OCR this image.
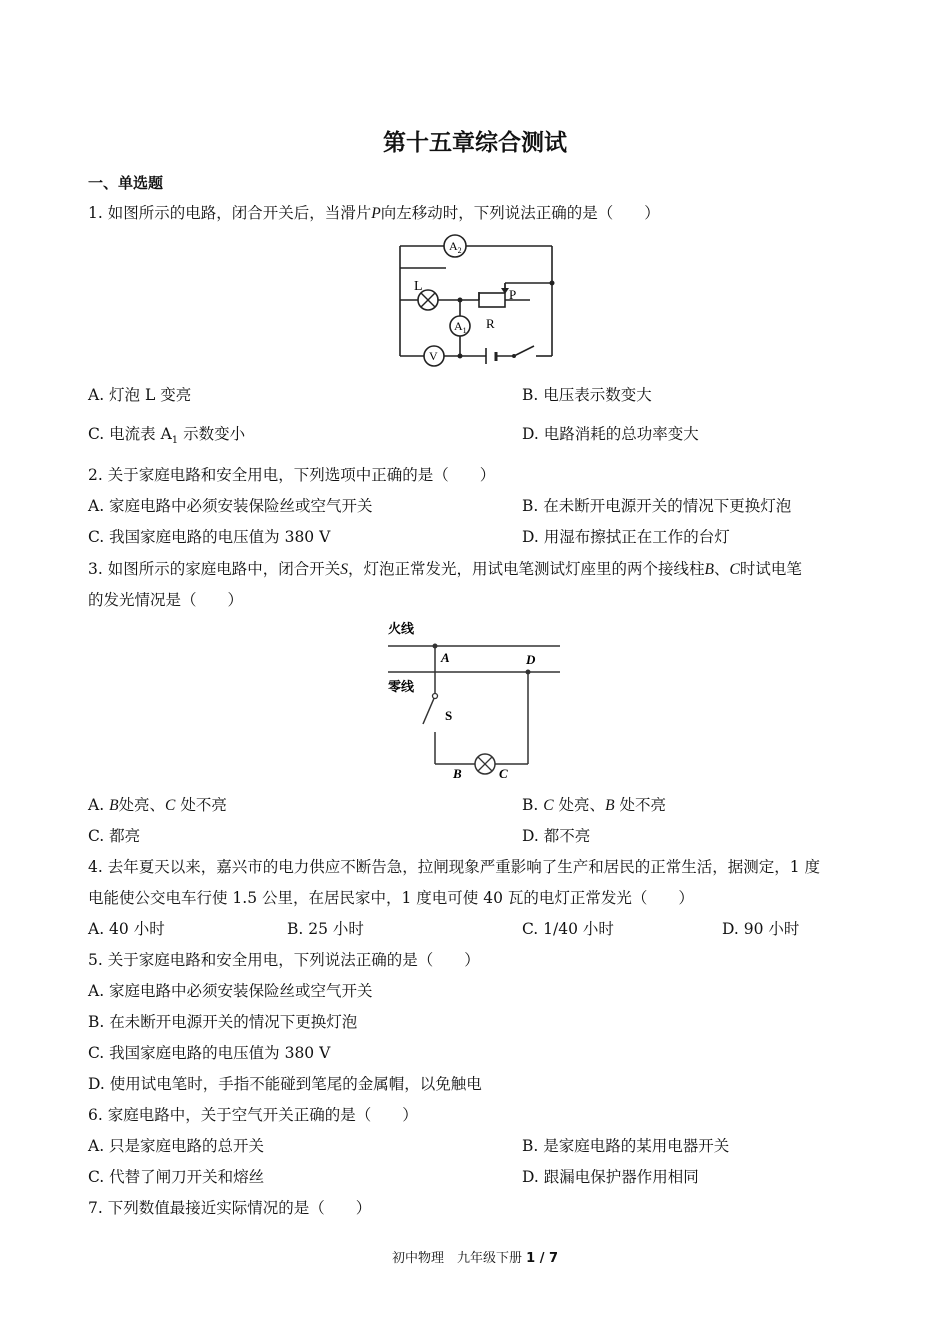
第十五章综合测试
一、单选题
1. 如图所示的电路，闭合开关后，当滑片P向左移动时，下列说法正确的是（　　）
$A_2$
$A_1$
L
P
R
V
A. 灯泡 L 变亮	B. 电压表示数变大
C. 电流表 $A_1$ 示数变小	D. 电路消耗的总功率变大
2. 关于家庭电路和安全用电，下列选项中正确的是（　　）
A. 家庭电路中必须安装保险丝或空气开关	B. 在未断开电源开关的情况下更换灯泡
C. 我国家庭电路的电压值为 380 V	D. 用湿布擦拭正在工作的台灯
3. 如图所示的家庭电路中，闭合开关S，灯泡正常发光，用试电笔测试灯座里的两个接线柱B、C时试电笔
的发光情况是（　　）
火线
零线
A	D
S
B	C
A. B处亮、C 处不亮	B. C 处亮、B 处不亮
C. 都亮	D. 都不亮
4. 去年夏天以来，嘉兴市的电力供应不断告急，拉闸现象严重影响了生产和居民的正常生活，据测定，1 度
电能使公交电车行使 1.5 公里，在居民家中，1 度电可使 40 瓦的电灯正常发光（　　）
A. 40 小时	B. 25 小时	C. 1/40 小时	D. 90 小时
5. 关于家庭电路和安全用电，下列说法正确的是（　　）
A. 家庭电路中必须安装保险丝或空气开关
B. 在未断开电源开关的情况下更换灯泡
C. 我国家庭电路的电压值为 380 V
D. 使用试电笔时，手指不能碰到笔尾的金属帽，以免触电
6. 家庭电路中，关于空气开关正确的是（　　）
A. 只是家庭电路的总开关	B. 是家庭电路的某用电器开关
C. 代替了闸刀开关和熔丝	D. 跟漏电保护器作用相同
7. 下列数值最接近实际情况的是（　　）
初中物理　九年级下册 1 / 7
